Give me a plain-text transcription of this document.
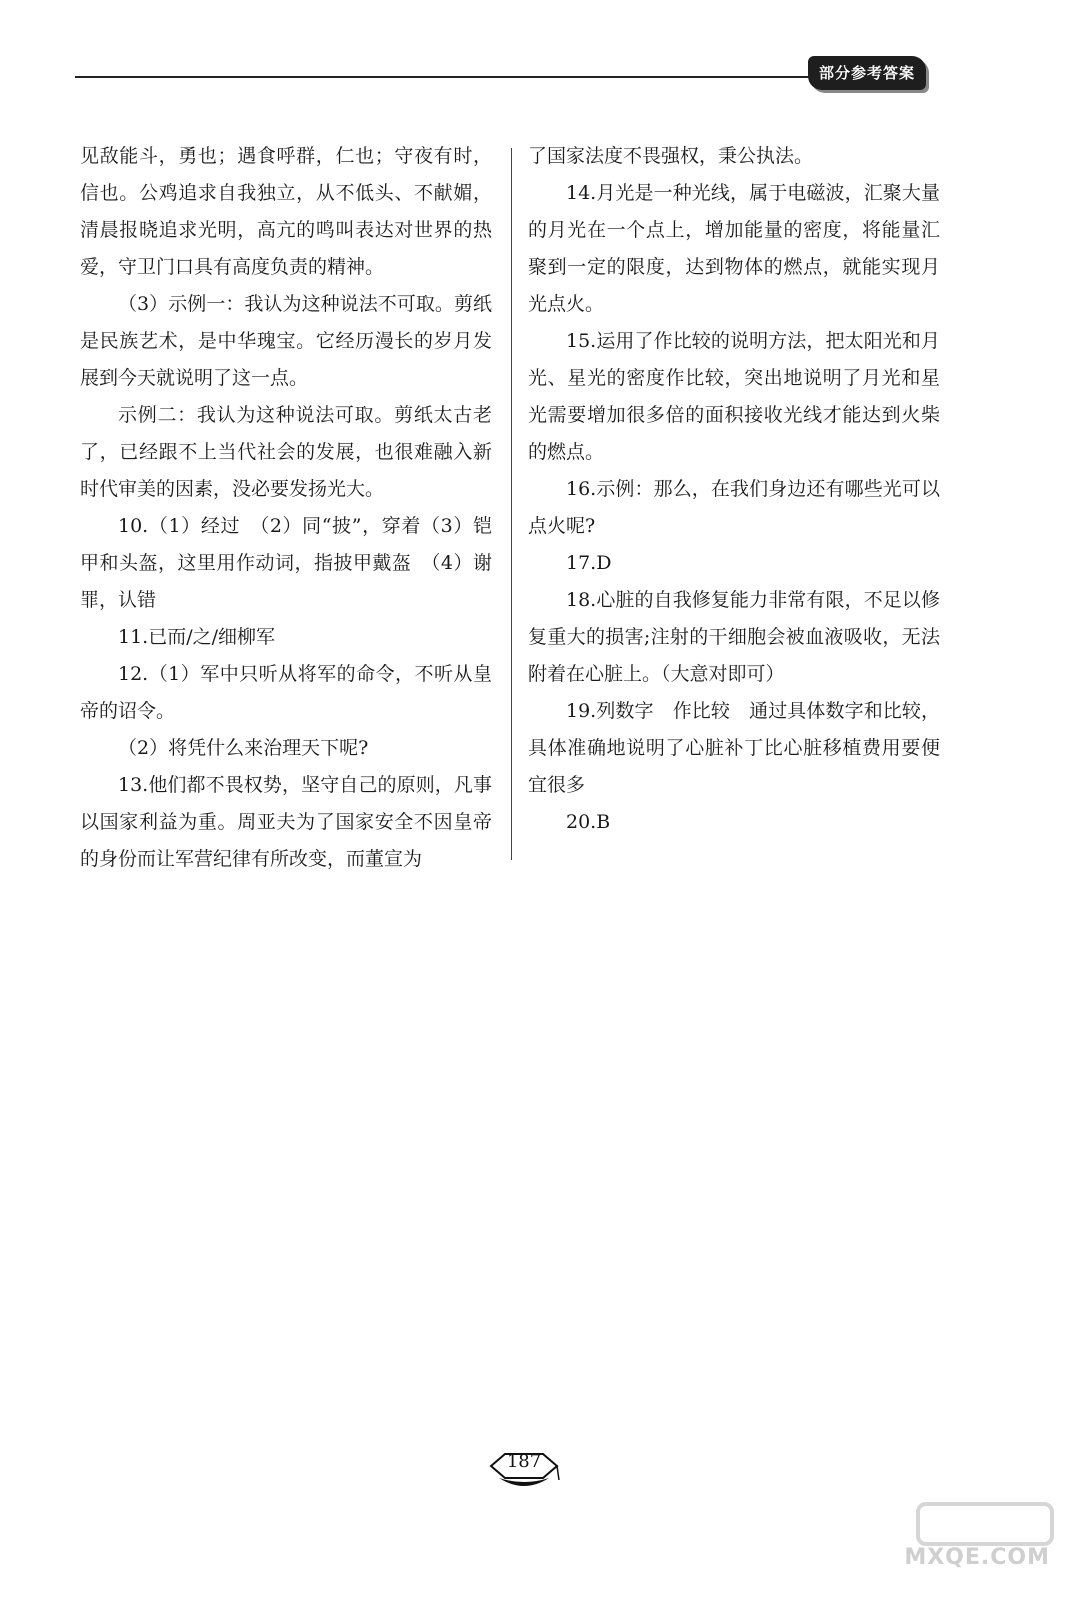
部分参考答案

见敌能斗，勇也；遇食呼群，仁也；守夜有时，信也。公鸡追求自我独立，从不低头、不献媚，清晨报晓追求光明，高亢的鸣叫表达对世界的热爱，守卫门口具有高度负责的精神。

（3）示例一：我认为这种说法不可取。剪纸是民族艺术，是中华瑰宝。它经历漫长的岁月发展到今天就说明了这一点。

示例二：我认为这种说法可取。剪纸太古老了，已经跟不上当代社会的发展，也很难融入新时代审美的因素，没必要发扬光大。

10.（1）经过　（2）同“披”，穿着（3）铠甲和头盔，这里用作动词，指披甲戴盔　（4）谢罪，认错

11.已而/之/细柳军

12.（1）军中只听从将军的命令，不听从皇帝的诏令。

（2）将凭什么来治理天下呢?

13.他们都不畏权势，坚守自己的原则，凡事以国家利益为重。周亚夫为了国家安全不因皇帝的身份而让军营纪律有所改变，而董宣为

了国家法度不畏强权，秉公执法。

14.月光是一种光线，属于电磁波，汇聚大量的月光在一个点上，增加能量的密度，将能量汇聚到一定的限度，达到物体的燃点，就能实现月光点火。

15.运用了作比较的说明方法，把太阳光和月光、星光的密度作比较，突出地说明了月光和星光需要增加很多倍的面积接收光线才能达到火柴的燃点。

16.示例：那么，在我们身边还有哪些光可以点火呢?

17.D

18.心脏的自我修复能力非常有限，不足以修复重大的损害;注射的干细胞会被血液吸收，无法附着在心脏上。（大意对即可）

19.列数字　作比较　通过具体数字和比较，具体准确地说明了心脏补丁比心脏移植费用要便宜很多

20.B

187
MXQE.COM
